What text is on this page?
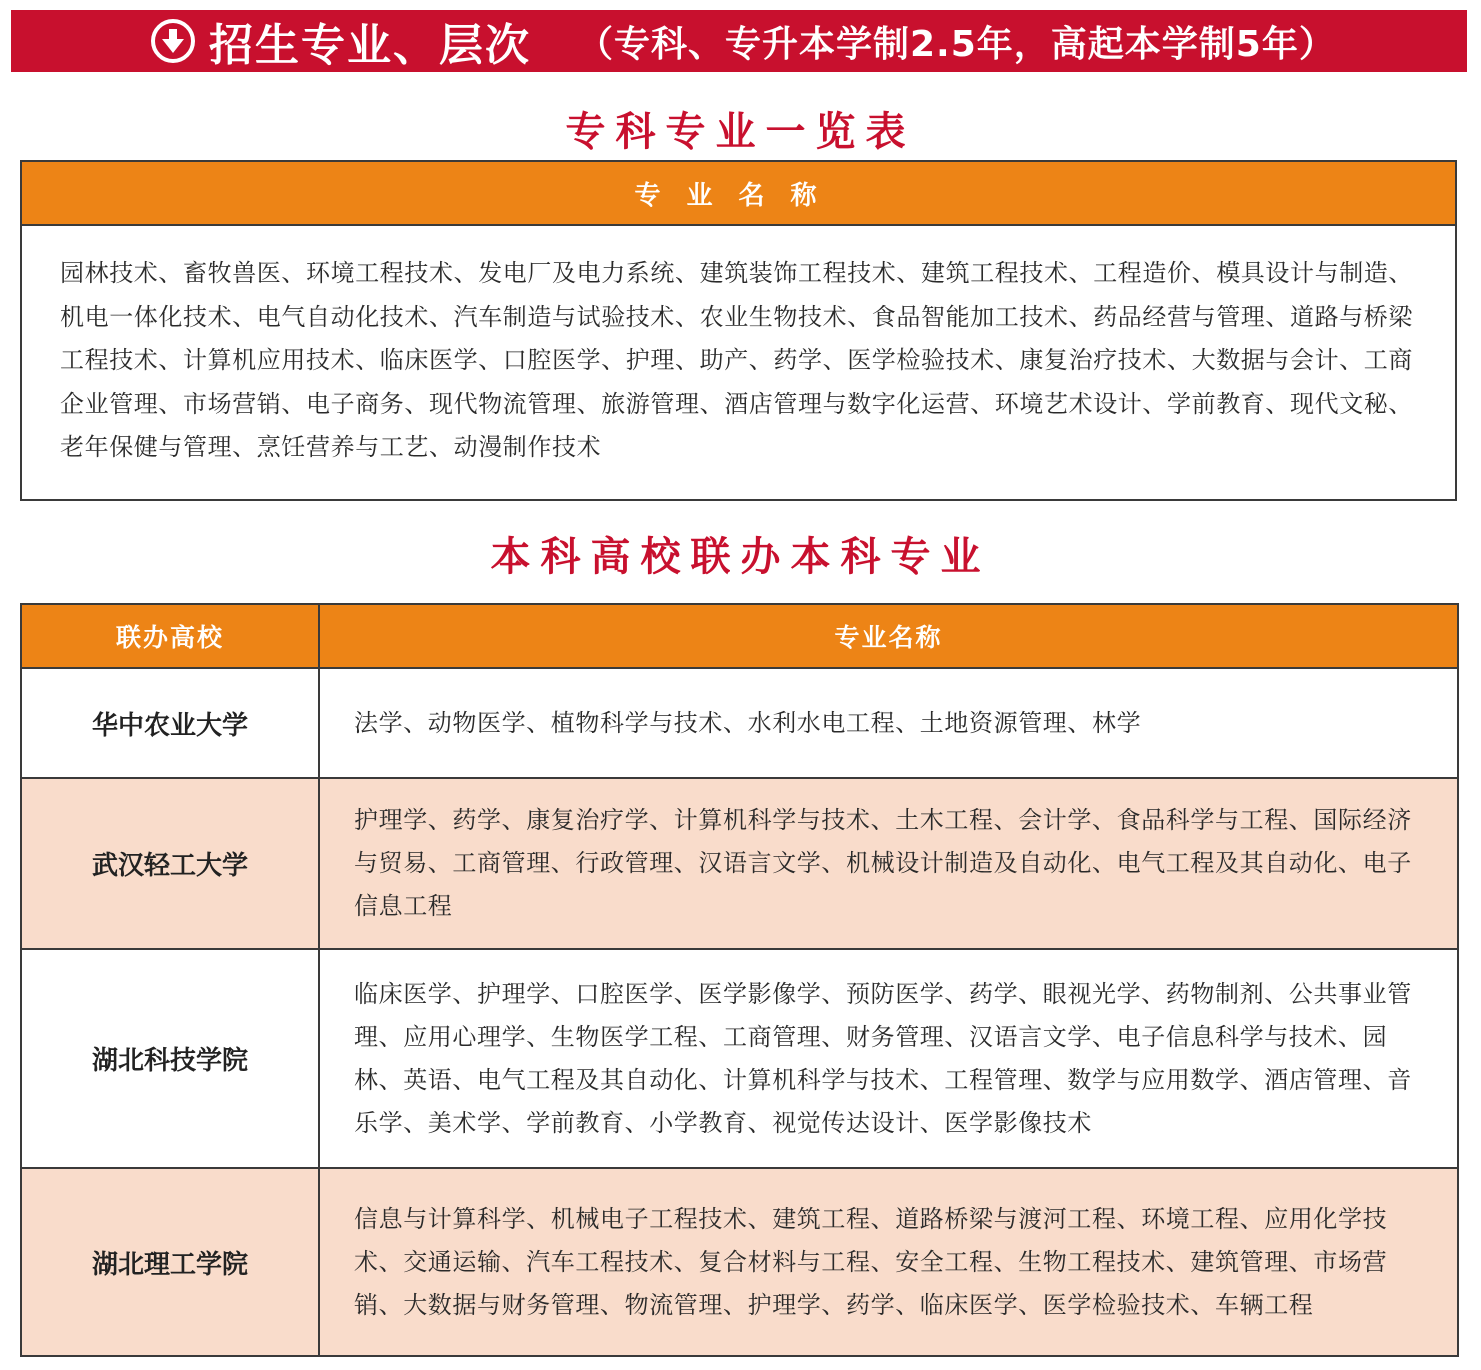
招生专业、层次 （专科、专升本学制2.5年，高起本学制5年）
专科专业一览表
专业名称
园林技术、畜牧兽医、环境工程技术、发电厂及电力系统、建筑装饰工程技术、建筑工程技术、工程造价、模具设计与制造、机电一体化技术、电气自动化技术、汽车制造与试验技术、农业生物技术、食品智能加工技术、药品经营与管理、道路与桥梁工程技术、计算机应用技术、临床医学、口腔医学、护理、助产、药学、医学检验技术、康复治疗技术、大数据与会计、工商企业管理、市场营销、电子商务、现代物流管理、旅游管理、酒店管理与数字化运营、环境艺术设计、学前教育、现代文秘、老年保健与管理、烹饪营养与工艺、动漫制作技术
本科高校联办本科专业
联办高校	专业名称
华中农业大学	法学、动物医学、植物科学与技术、水利水电工程、土地资源管理、林学
武汉轻工大学	护理学、药学、康复治疗学、计算机科学与技术、土木工程、会计学、食品科学与工程、国际经济与贸易、工商管理、行政管理、汉语言文学、机械设计制造及自动化、电气工程及其自动化、电子信息工程
湖北科技学院	临床医学、护理学、口腔医学、医学影像学、预防医学、药学、眼视光学、药物制剂、公共事业管理、应用心理学、生物医学工程、工商管理、财务管理、汉语言文学、电子信息科学与技术、园林、英语、电气工程及其自动化、计算机科学与技术、工程管理、数学与应用数学、酒店管理、音乐学、美术学、学前教育、小学教育、视觉传达设计、医学影像技术
湖北理工学院	信息与计算科学、机械电子工程技术、建筑工程、道路桥梁与渡河工程、环境工程、应用化学技术、交通运输、汽车工程技术、复合材料与工程、安全工程、生物工程技术、建筑管理、市场营销、大数据与财务管理、物流管理、护理学、药学、临床医学、医学检验技术、车辆工程
